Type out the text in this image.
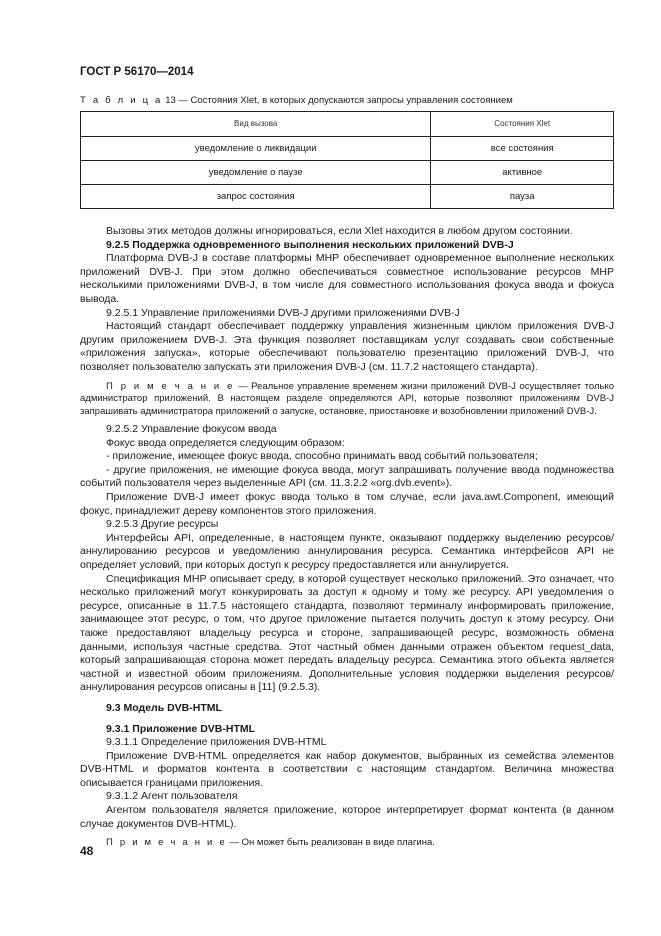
ГОСТ Р 56170—2014
Т а б л и ц а 13 — Состояния Xlet, в которых допускаются запросы управления состоянием
Вид вызова	Состояния Xlet
уведомление о ликвидации	все состояния
уведомление о паузе	активное
запрос состояния	пауза

Вызовы этих методов должны игнорироваться, если Xlet находится в любом другом состоянии.

9.2.5 Поддержка одновременного выполнения нескольких приложений DVB-J

Платформа DVB-J в составе платформы МНР обеспечивает одновременное выполнение нескольких приложений DVB-J. При этом должно обеспечиваться совместное использование ресурсов МНР несколькими приложениями DVB-J, в том числе для совместного использования фокуса ввода и фокуса вывода.

9.2.5.1 Управление приложениями DVB-J другими приложениями DVB-J

Настоящий стандарт обеспечивает поддержку управления жизненным циклом приложения DVB-J другим приложением DVB-J. Эта функция позволяет поставщикам услуг создавать свои собственные «приложения запуска», которые обеспечивают пользователю презентацию приложений DVB-J, что позволяет пользователю запускать эти приложения DVB-J (см. 11.7.2 настоящего стандарта).

П р и м е ч а н и е — Реальное управление временем жизни приложений DVB-J осуществляет только администратор приложений. В настоящем разделе определяются API, которые позволяют приложениям DVB-J запрашивать администратора приложений о запуске, остановке, приостановке и возобновлении приложений DVB-J.

9.2.5.2 Управление фокусом ввода

Фокус ввода определяется следующим образом:

- приложение, имеющее фокус ввода, способно принимать ввод событий пользователя;

- другие приложения, не имеющие фокуса ввода, могут запрашивать получение ввода подмножества событий пользователя через выделенные API (см. 11.3.2.2 «org.dvb.event»).

Приложение DVB-J имеет фокус ввода только в том случае, если java.awt.Component, имеющий фокус, принадлежит дереву компонентов этого приложения.

9.2.5.3 Другие ресурсы

Интерфейсы API, определенные, в настоящем пункте, оказывают поддержку выделению ресурсов/аннулированию ресурсов и уведомлению аннулирования ресурса. Семантика интерфейсов API не определяет условий, при которых доступ к ресурсу предоставляется или аннулируется.

Спецификация МНР описывает среду, в которой существует несколько приложений. Это означает, что несколько приложений могут конкурировать за доступ к одному и тому же ресурсу. API уведомления о ресурсе, описанные в 11.7.5 настоящего стандарта, позволяют терминалу информировать приложение, занимающее этот ресурс, о том, что другое приложение пытается получить доступ к этому ресурсу. Они также предоставляют владельцу ресурса и стороне, запрашивающей ресурс, возможность обмена данными, используя частные средства. Этот частный обмен данными отражен объектом request_data, который запрашивающая сторона может передать владельцу ресурса. Семантика этого объекта является частной и известной обоим приложениям. Дополнительные условия поддержки выделения ресурсов/аннулирования ресурсов описаны в [11] (9.2.5.3).

9.3 Модель DVB-HTML

9.3.1 Приложение DVB-HTML

9.3.1.1 Определение приложения DVB-HTML

Приложение DVB-HTML определяется как набор документов, выбранных из семейства элементов DVB-HTML и форматов контента в соответствии с настоящим стандартом. Величина множества описывается границами приложения.

9.3.1.2 Агент пользователя

Агентом пользователя является приложение, которое интерпретирует формат контента (в данном случае документов DVB-HTML).

П р и м е ч а н и е — Он может быть реализован в виде плагина.

48
